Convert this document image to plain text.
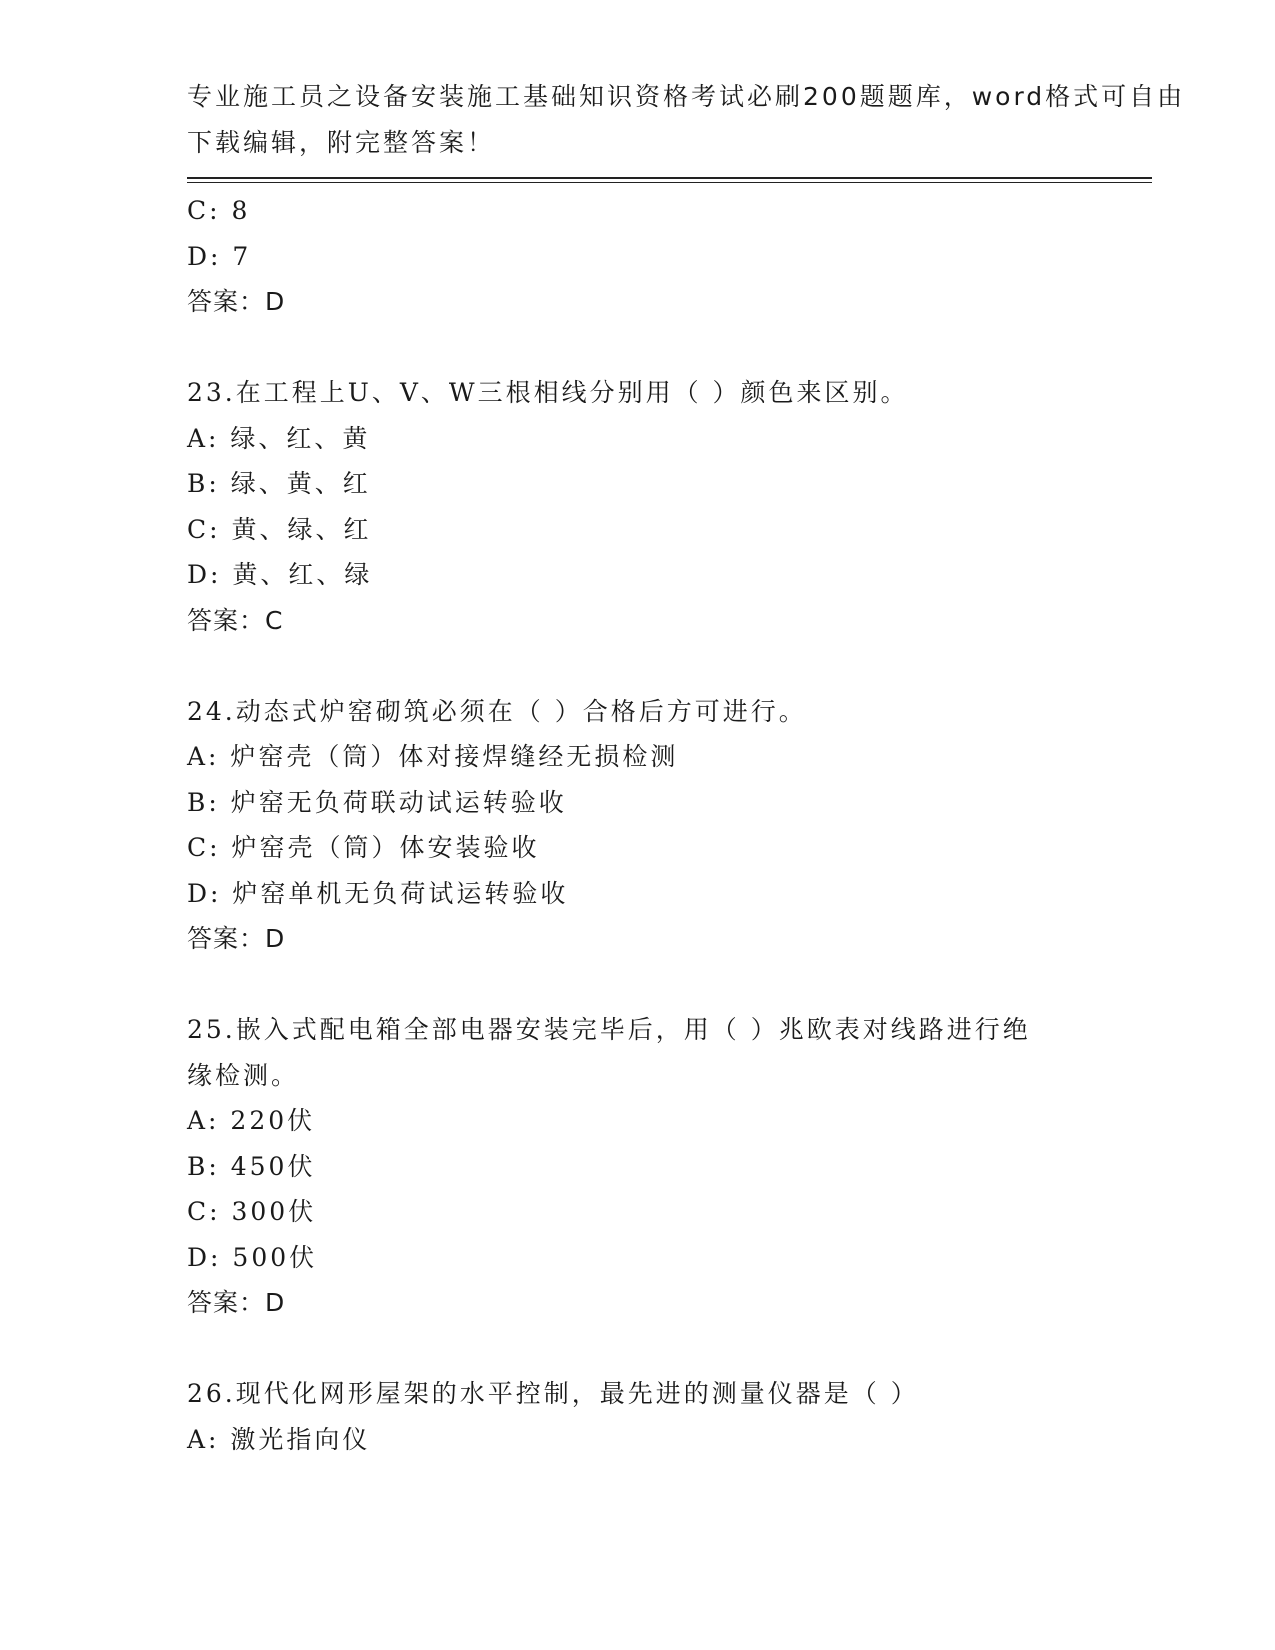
专业施工员之设备安装施工基础知识资格考试必刷200题题库，word格式可自由
下载编辑，附完整答案！
C: 8
D: 7
答案：D
23.在工程上U、V、W三根相线分别用（ ）颜色来区别。
A: 绿、红、黄
B: 绿、黄、红
C: 黄、绿、红
D: 黄、红、绿
答案：C
24.动态式炉窑砌筑必须在（ ）合格后方可进行。
A: 炉窑壳（筒）体对接焊缝经无损检测
B: 炉窑无负荷联动试运转验收
C: 炉窑壳（筒）体安装验收
D: 炉窑单机无负荷试运转验收
答案：D
25.嵌入式配电箱全部电器安装完毕后，用（ ）兆欧表对线路进行绝
缘检测。
A: 220伏
B: 450伏
C: 300伏
D: 500伏
答案：D
26.现代化网形屋架的水平控制，最先进的测量仪器是（ ）
A: 激光指向仪
